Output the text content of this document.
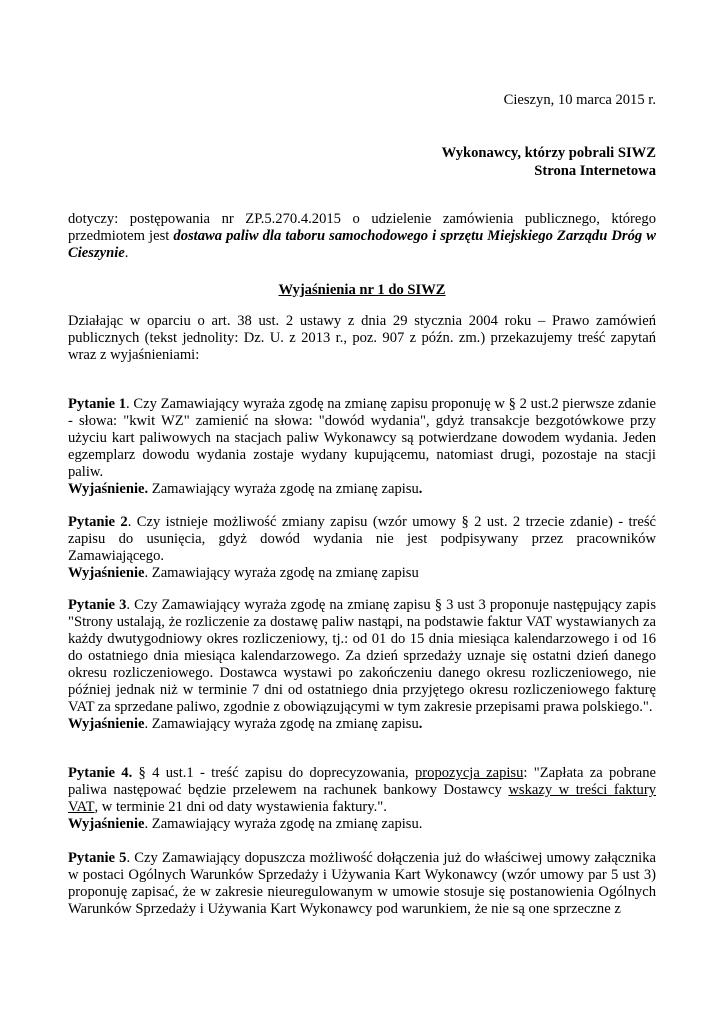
Cieszyn, 10 marca 2015 r.
Wykonawcy, którzy pobrali SIWZ
Strona Internetowa
dotyczy: postępowania nr ZP.5.270.4.2015 o udzielenie zamówienia publicznego, którego przedmiotem jest dostawa paliw dla taboru samochodowego i sprzętu Miejskiego Zarządu Dróg w Cieszynie.
Wyjaśnienia nr 1 do SIWZ
Działając w oparciu o art. 38 ust. 2 ustawy z dnia 29 stycznia 2004 roku – Prawo zamówień publicznych (tekst jednolity: Dz. U. z 2013 r., poz. 907 z późn. zm.) przekazujemy treść zapytań wraz z wyjaśnieniami:
Pytanie 1. Czy Zamawiający wyraża zgodę na zmianę zapisu proponuję w § 2 ust.2 pierwsze zdanie - słowa: "kwit WZ" zamienić na słowa: "dowód wydania", gdyż transakcje bezgotówkowe przy użyciu kart paliwowych na stacjach paliw Wykonawcy są potwierdzane dowodem wydania. Jeden egzemplarz dowodu wydania zostaje wydany kupującemu, natomiast drugi, pozostaje na stacji paliw.
Wyjaśnienie. Zamawiający wyraża zgodę na zmianę zapisu.
Pytanie 2. Czy istnieje możliwość zmiany zapisu (wzór umowy § 2 ust. 2 trzecie zdanie) - treść zapisu do usunięcia, gdyż dowód wydania nie jest podpisywany przez pracowników Zamawiającego.
Wyjaśnienie. Zamawiający wyraża zgodę na zmianę zapisu
Pytanie 3. Czy Zamawiający wyraża zgodę na zmianę zapisu § 3 ust 3 proponuje następujący zapis "Strony ustalają, że rozliczenie za dostawę paliw nastąpi, na podstawie faktur VAT wystawianych za każdy dwutygodniowy okres rozliczeniowy, tj.: od 01 do 15 dnia miesiąca kalendarzowego i od 16 do ostatniego dnia miesiąca kalendarzowego. Za dzień sprzedaży uznaje się ostatni dzień danego okresu rozliczeniowego. Dostawca wystawi po zakończeniu danego okresu rozliczeniowego, nie później jednak niż w terminie 7 dni od ostatniego dnia przyjętego okresu rozliczeniowego fakturę VAT za sprzedane paliwo, zgodnie z obowiązującymi w tym zakresie przepisami prawa polskiego.".
Wyjaśnienie. Zamawiający wyraża zgodę na zmianę zapisu.
Pytanie 4. § 4 ust.1 - treść zapisu do doprecyzowania, propozycja zapisu: "Zapłata za pobrane paliwa następować będzie przelewem na rachunek bankowy Dostawcy wskazy w treści faktury VAT, w terminie 21 dni od daty wystawienia faktury.".
Wyjaśnienie. Zamawiający wyraża zgodę na zmianę zapisu.
Pytanie 5. Czy Zamawiający dopuszcza możliwość dołączenia już do właściwej umowy załącznika w postaci Ogólnych Warunków Sprzedaży i Używania Kart Wykonawcy (wzór umowy par 5 ust 3) proponuję zapisać, że w zakresie nieuregulowanym w umowie stosuje się postanowienia Ogólnych Warunków Sprzedaży i Używania Kart Wykonawcy pod warunkiem, że nie są one sprzeczne z
